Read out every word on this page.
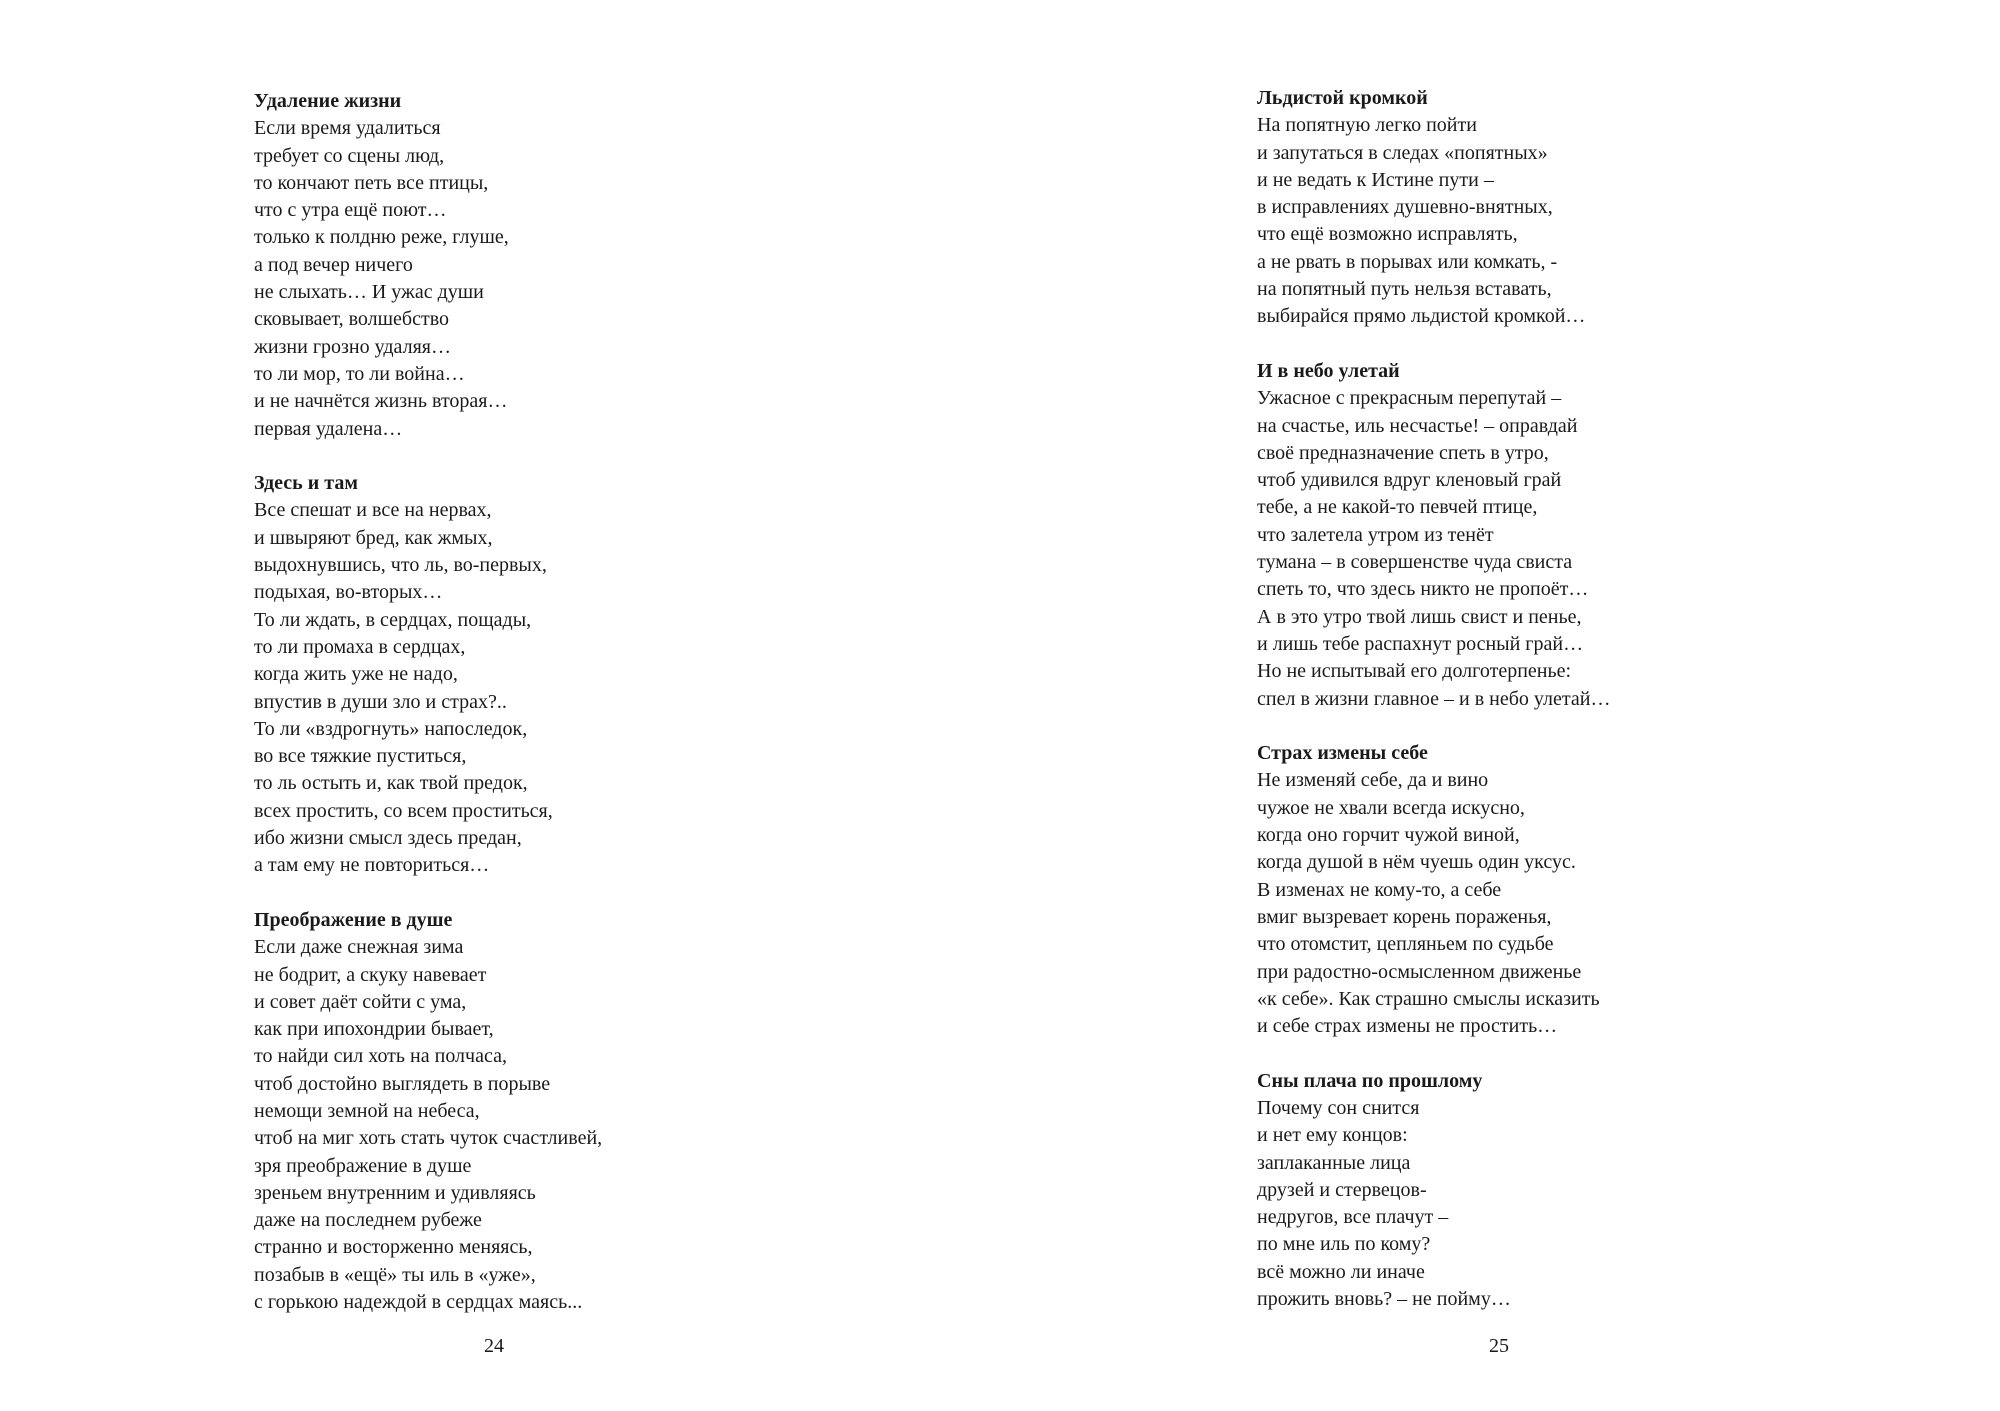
Удаление жизни

Если время удалиться

требует со сцены люд,

то кончают петь все птицы,

что с утра ещё поют…

только к полдню реже, глуше,

а под вечер ничего

не слыхать… И ужас души

сковывает, волшебство

жизни грозно удаляя…

то ли мор, то ли война…

и не начнётся жизнь вторая…

первая удалена…

Здесь и там

Все спешат и все на нервах,

и швыряют бред, как жмых,

выдохнувшись, что ль, во-первых,

подыхая, во-вторых…

То ли ждать, в сердцах, пощады,

то ли промаха в сердцах,

когда жить уже не надо,

впустив в души зло и страх?..

То ли «вздрогнуть» напоследок,

во все тяжкие пуститься,

то ль остыть и, как твой предок,

всех простить, со всем проститься,

ибо жизни смысл здесь предан,

а там ему не повториться…

Преображение в душе

Если даже снежная зима

не бодрит, а скуку навевает

и совет даёт сойти с ума,

как при ипохондрии бывает,

то найди сил хоть на полчаса,

чтоб достойно выглядеть в порыве

немощи земной на небеса,

чтоб на миг хоть стать чуток счастливей,

зря преображение в душе

зреньем внутренним и удивляясь

даже на последнем рубеже

странно и восторженно меняясь,

позабыв в «ещё» ты иль в «уже»,

с горькою надеждой в сердцах маясь...

24

Льдистой кромкой

На попятную легко пойти

и запутаться в следах «попятных»

и не ведать к Истине пути –

в исправлениях душевно-внятных,

что ещё возможно исправлять,

а не рвать в порывах или комкать, -

на попятный путь нельзя вставать,

выбирайся прямо льдистой кромкой…

И в небо улетай

Ужасное с прекрасным перепутай –

на счастье, иль несчастье! – оправдай

своё предназначение спеть в утро,

чтоб удивился вдруг кленовый грай

тебе, а не какой-то певчей птице,

что залетела утром из тенёт

тумана – в совершенстве чуда свиста

спеть то, что здесь никто не пропоёт…

А в это утро твой лишь свист и пенье,

и лишь тебе распахнут росный грай…

Но не испытывай его долготерпенье:

спел в жизни главное – и в небо улетай…

Страх измены себе

Не изменяй себе, да и вино

чужое не хвали всегда искусно,

когда оно горчит чужой виной,

когда душой в нём чуешь один уксус.

В изменах не кому-то, а себе

вмиг вызревает корень пораженья,

что отомстит, цепляньем по судьбе

при радостно-осмысленном движенье

«к себе». Как страшно смыслы исказить

и себе страх измены не простить…

Сны плача по прошлому

Почему сон снится

и нет ему концов:

заплаканные лица

друзей и стервецов-

недругов, все плачут –

по мне иль по кому?

всё можно ли иначе

прожить вновь? – не пойму…

25
